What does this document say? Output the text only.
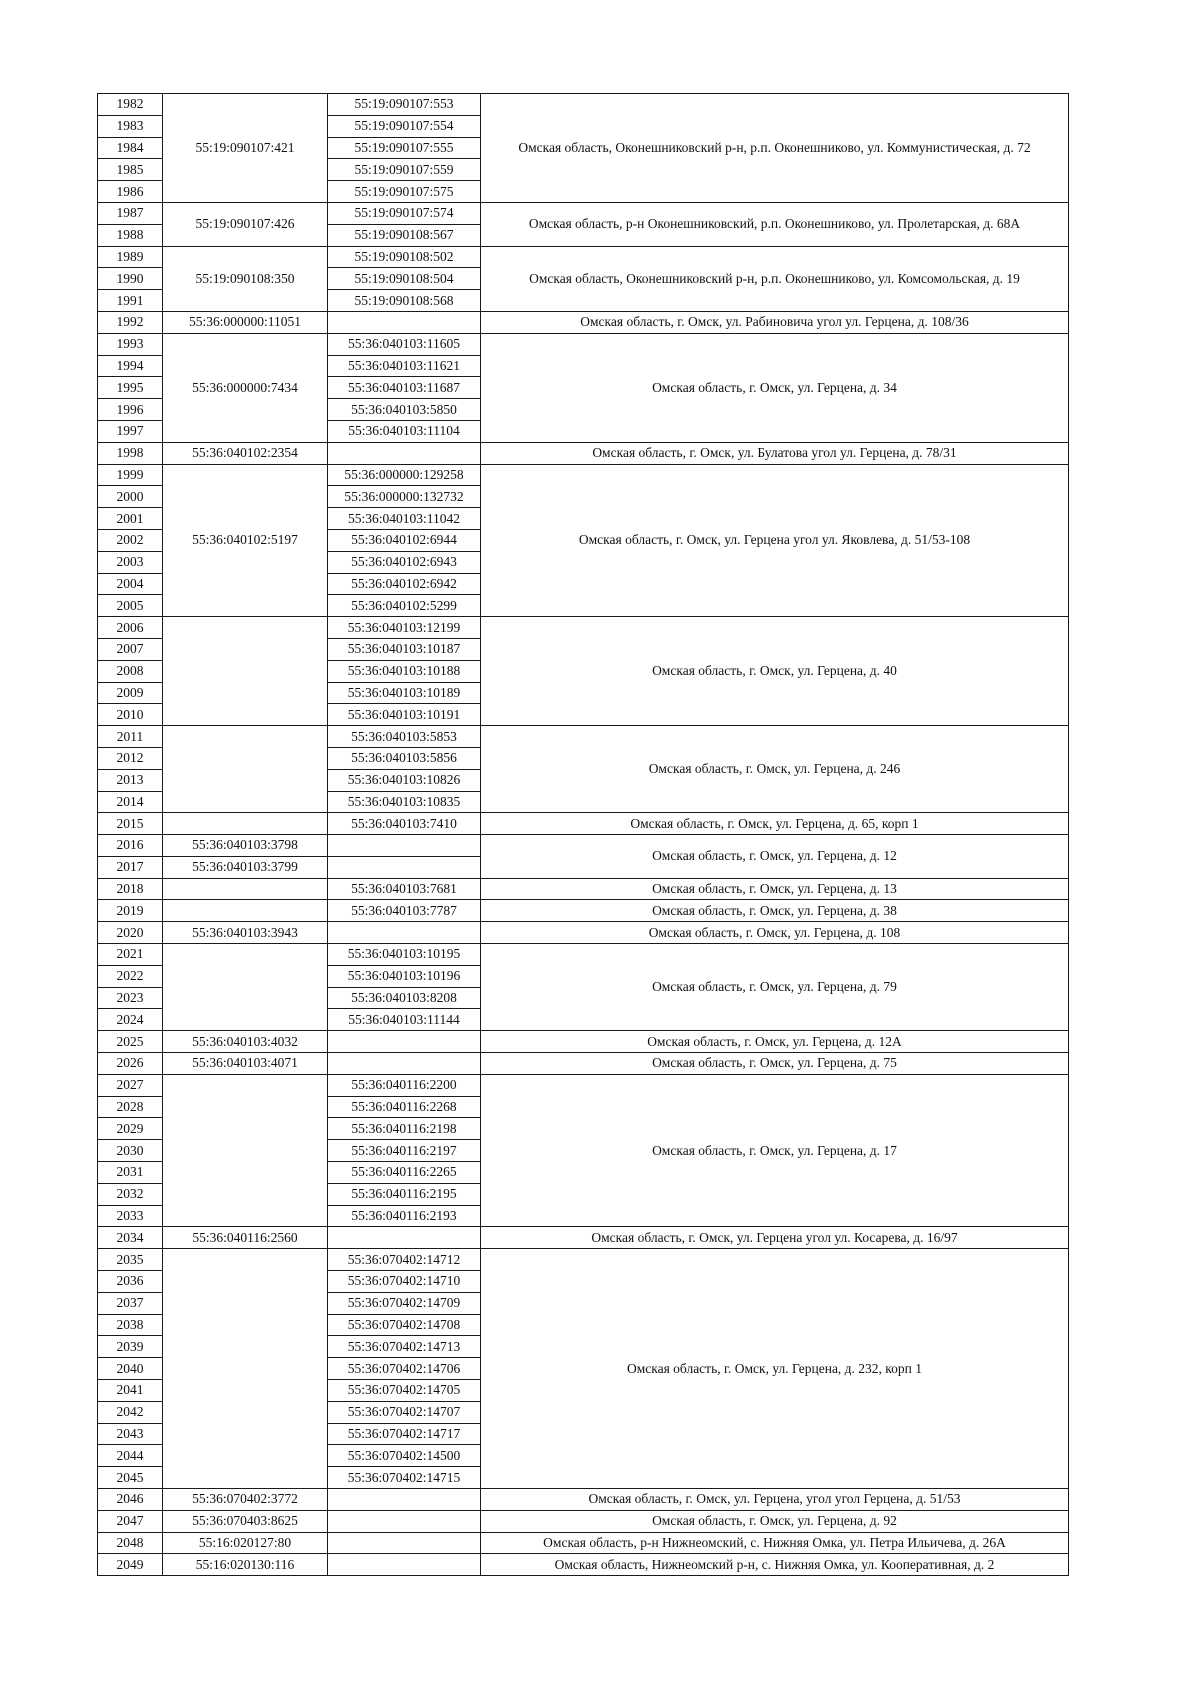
1982	55:19:090107:421	55:19:090107:553	Омская область, Оконешниковский р-н, р.п. Оконешниково, ул. Коммунистическая, д. 72
1983		55:19:090107:554	
1984		55:19:090107:555	
1985		55:19:090107:559	
1986		55:19:090107:575	
1987	55:19:090107:426	55:19:090107:574	Омская область, р-н Оконешниковский, р.п. Оконешниково, ул. Пролетарская, д. 68А
1988		55:19:090108:567	
1989	55:19:090108:350	55:19:090108:502	Омская область, Оконешниковский р-н, р.п. Оконешниково, ул. Комсомольская, д. 19
1990		55:19:090108:504	
1991		55:19:090108:568	
1992	55:36:000000:11051		Омская область, г. Омск, ул. Рабиновича угол ул. Герцена, д. 108/36
1993	55:36:000000:7434	55:36:040103:11605	Омская область, г. Омск, ул. Герцена, д. 34
1994		55:36:040103:11621	
1995		55:36:040103:11687	
1996		55:36:040103:5850	
1997		55:36:040103:11104	
1998	55:36:040102:2354		Омская область, г. Омск, ул. Булатова угол ул. Герцена, д. 78/31
1999	55:36:040102:5197	55:36:000000:129258	Омская область, г. Омск, ул. Герцена угол ул. Яковлева, д. 51/53-108
2000		55:36:000000:132732	
2001		55:36:040103:11042	
2002		55:36:040102:6944	
2003		55:36:040102:6943	
2004		55:36:040102:6942	
2005		55:36:040102:5299	
2006		55:36:040103:12199	Омская область, г. Омск, ул. Герцена, д. 40
2007		55:36:040103:10187	
2008		55:36:040103:10188	
2009		55:36:040103:10189	
2010		55:36:040103:10191	
2011		55:36:040103:5853	Омская область, г. Омск, ул. Герцена, д. 246
2012		55:36:040103:5856	
2013		55:36:040103:10826	
2014		55:36:040103:10835	
2015		55:36:040103:7410	Омская область, г. Омск, ул. Герцена, д. 65, корп 1
2016	55:36:040103:3798		Омская область, г. Омск, ул. Герцена, д. 12
2017	55:36:040103:3799		
2018		55:36:040103:7681	Омская область, г. Омск, ул. Герцена, д. 13
2019		55:36:040103:7787	Омская область, г. Омск, ул. Герцена, д. 38
2020	55:36:040103:3943		Омская область, г. Омск, ул. Герцена, д. 108
2021		55:36:040103:10195	Омская область, г. Омск, ул. Герцена, д. 79
2022		55:36:040103:10196	
2023		55:36:040103:8208	
2024		55:36:040103:11144	
2025	55:36:040103:4032		Омская область, г. Омск, ул. Герцена, д. 12А
2026	55:36:040103:4071		Омская область, г. Омск, ул. Герцена, д. 75
2027		55:36:040116:2200	Омская область, г. Омск, ул. Герцена, д. 17
2028		55:36:040116:2268	
2029		55:36:040116:2198	
2030		55:36:040116:2197	
2031		55:36:040116:2265	
2032		55:36:040116:2195	
2033		55:36:040116:2193	
2034	55:36:040116:2560		Омская область, г. Омск, ул. Герцена угол ул. Косарева, д. 16/97
2035		55:36:070402:14712	Омская область, г. Омск, ул. Герцена, д. 232, корп 1
2036		55:36:070402:14710	
2037		55:36:070402:14709	
2038		55:36:070402:14708	
2039		55:36:070402:14713	
2040		55:36:070402:14706	
2041		55:36:070402:14705	
2042		55:36:070402:14707	
2043		55:36:070402:14717	
2044		55:36:070402:14500	
2045		55:36:070402:14715	
2046	55:36:070402:3772		Омская область, г. Омск, ул. Герцена, угол угол Герцена, д. 51/53
2047	55:36:070403:8625		Омская область, г. Омск, ул. Герцена, д. 92
2048	55:16:020127:80		Омская область, р-н Нижнеомский, с. Нижняя Омка, ул. Петра Ильичева, д. 26А
2049	55:16:020130:116		Омская область, Нижнеомский р-н, с. Нижняя Омка, ул. Кооперативная, д. 2
